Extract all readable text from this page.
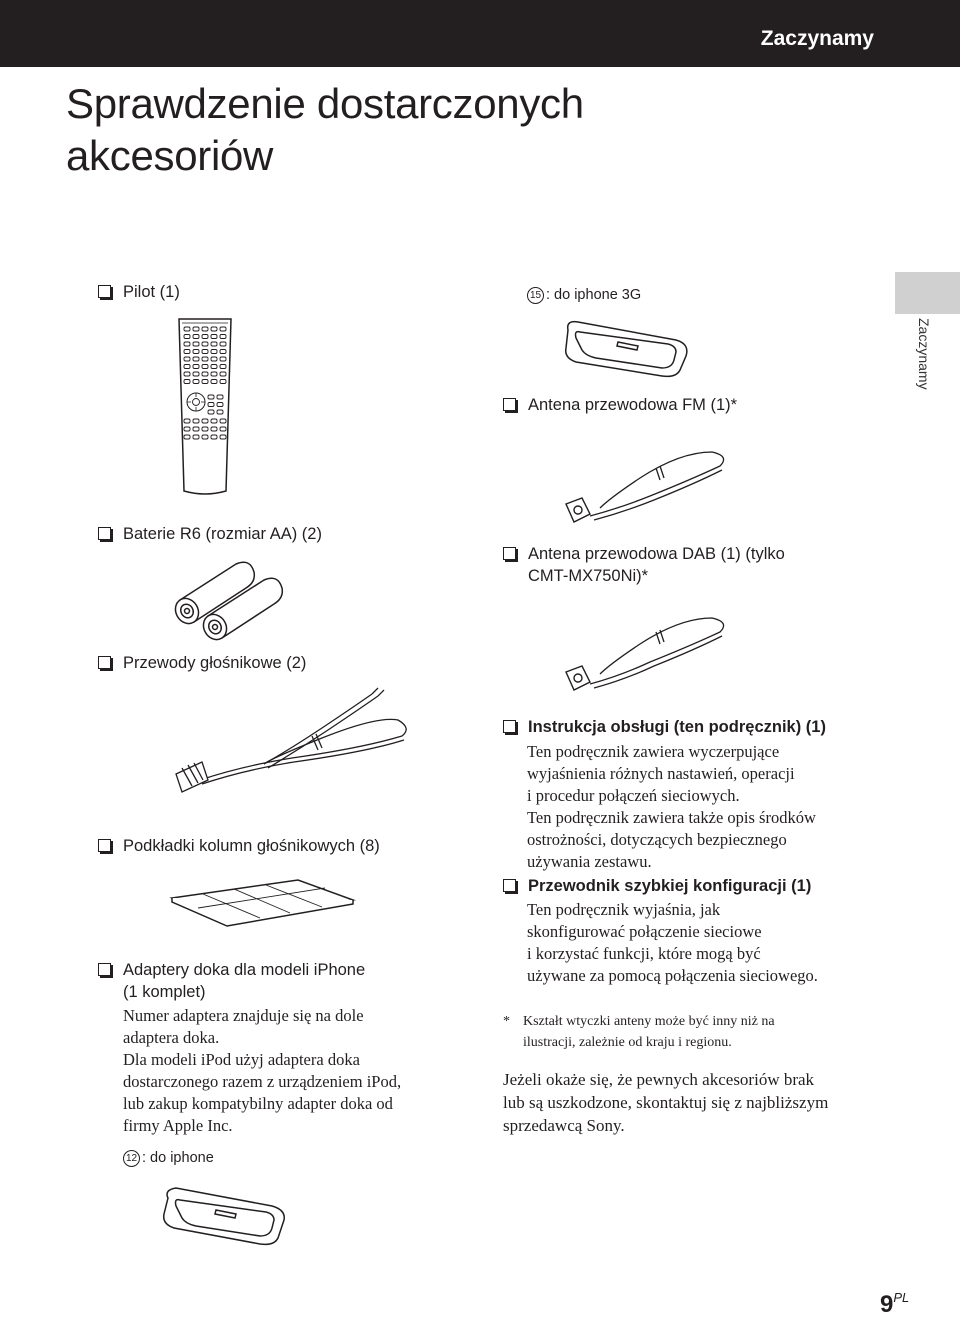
Zaczynamy
Sprawdzenie dostarczonych
akcesoriów
Zaczynamy
Pilot (1)
Baterie R6 (rozmiar AA) (2)
Przewody głośnikowe (2)
Podkładki kolumn głośnikowych (8)
Adaptery doka dla modeli iPhone
(1 komplet)
Numer adaptera znajduje się na dole
adaptera doka.
Dla modeli iPod użyj adaptera doka
dostarczonego razem z urządzeniem iPod,
lub zakup kompatybilny adapter doka od
firmy Apple Inc.
12 : do iphone
15 : do iphone 3G
Antena przewodowa FM (1)*
Antena przewodowa DAB (1) (tylko
CMT-MX750Ni)*
Instrukcja obsługi (ten podręcznik) (1)
Ten podręcznik zawiera wyczerpujące
wyjaśnienia różnych nastawień, operacji
i procedur połączeń sieciowych.
Ten podręcznik zawiera także opis środków
ostrożności, dotyczących bezpiecznego
używania zestawu.
Przewodnik szybkiej konfiguracji (1)
Ten podręcznik wyjaśnia, jak
skonfigurować połączenie sieciowe
i korzystać funkcji, które mogą być
używane za pomocą połączenia sieciowego.
* Kształt wtyczki anteny może być inny niż na
ilustracji, zależnie od kraju i regionu.
Jeżeli okaże się, że pewnych akcesoriów brak
lub są uszkodzone, skontaktuj się z najbliższym
sprzedawcą Sony.
$9^{PL}$
